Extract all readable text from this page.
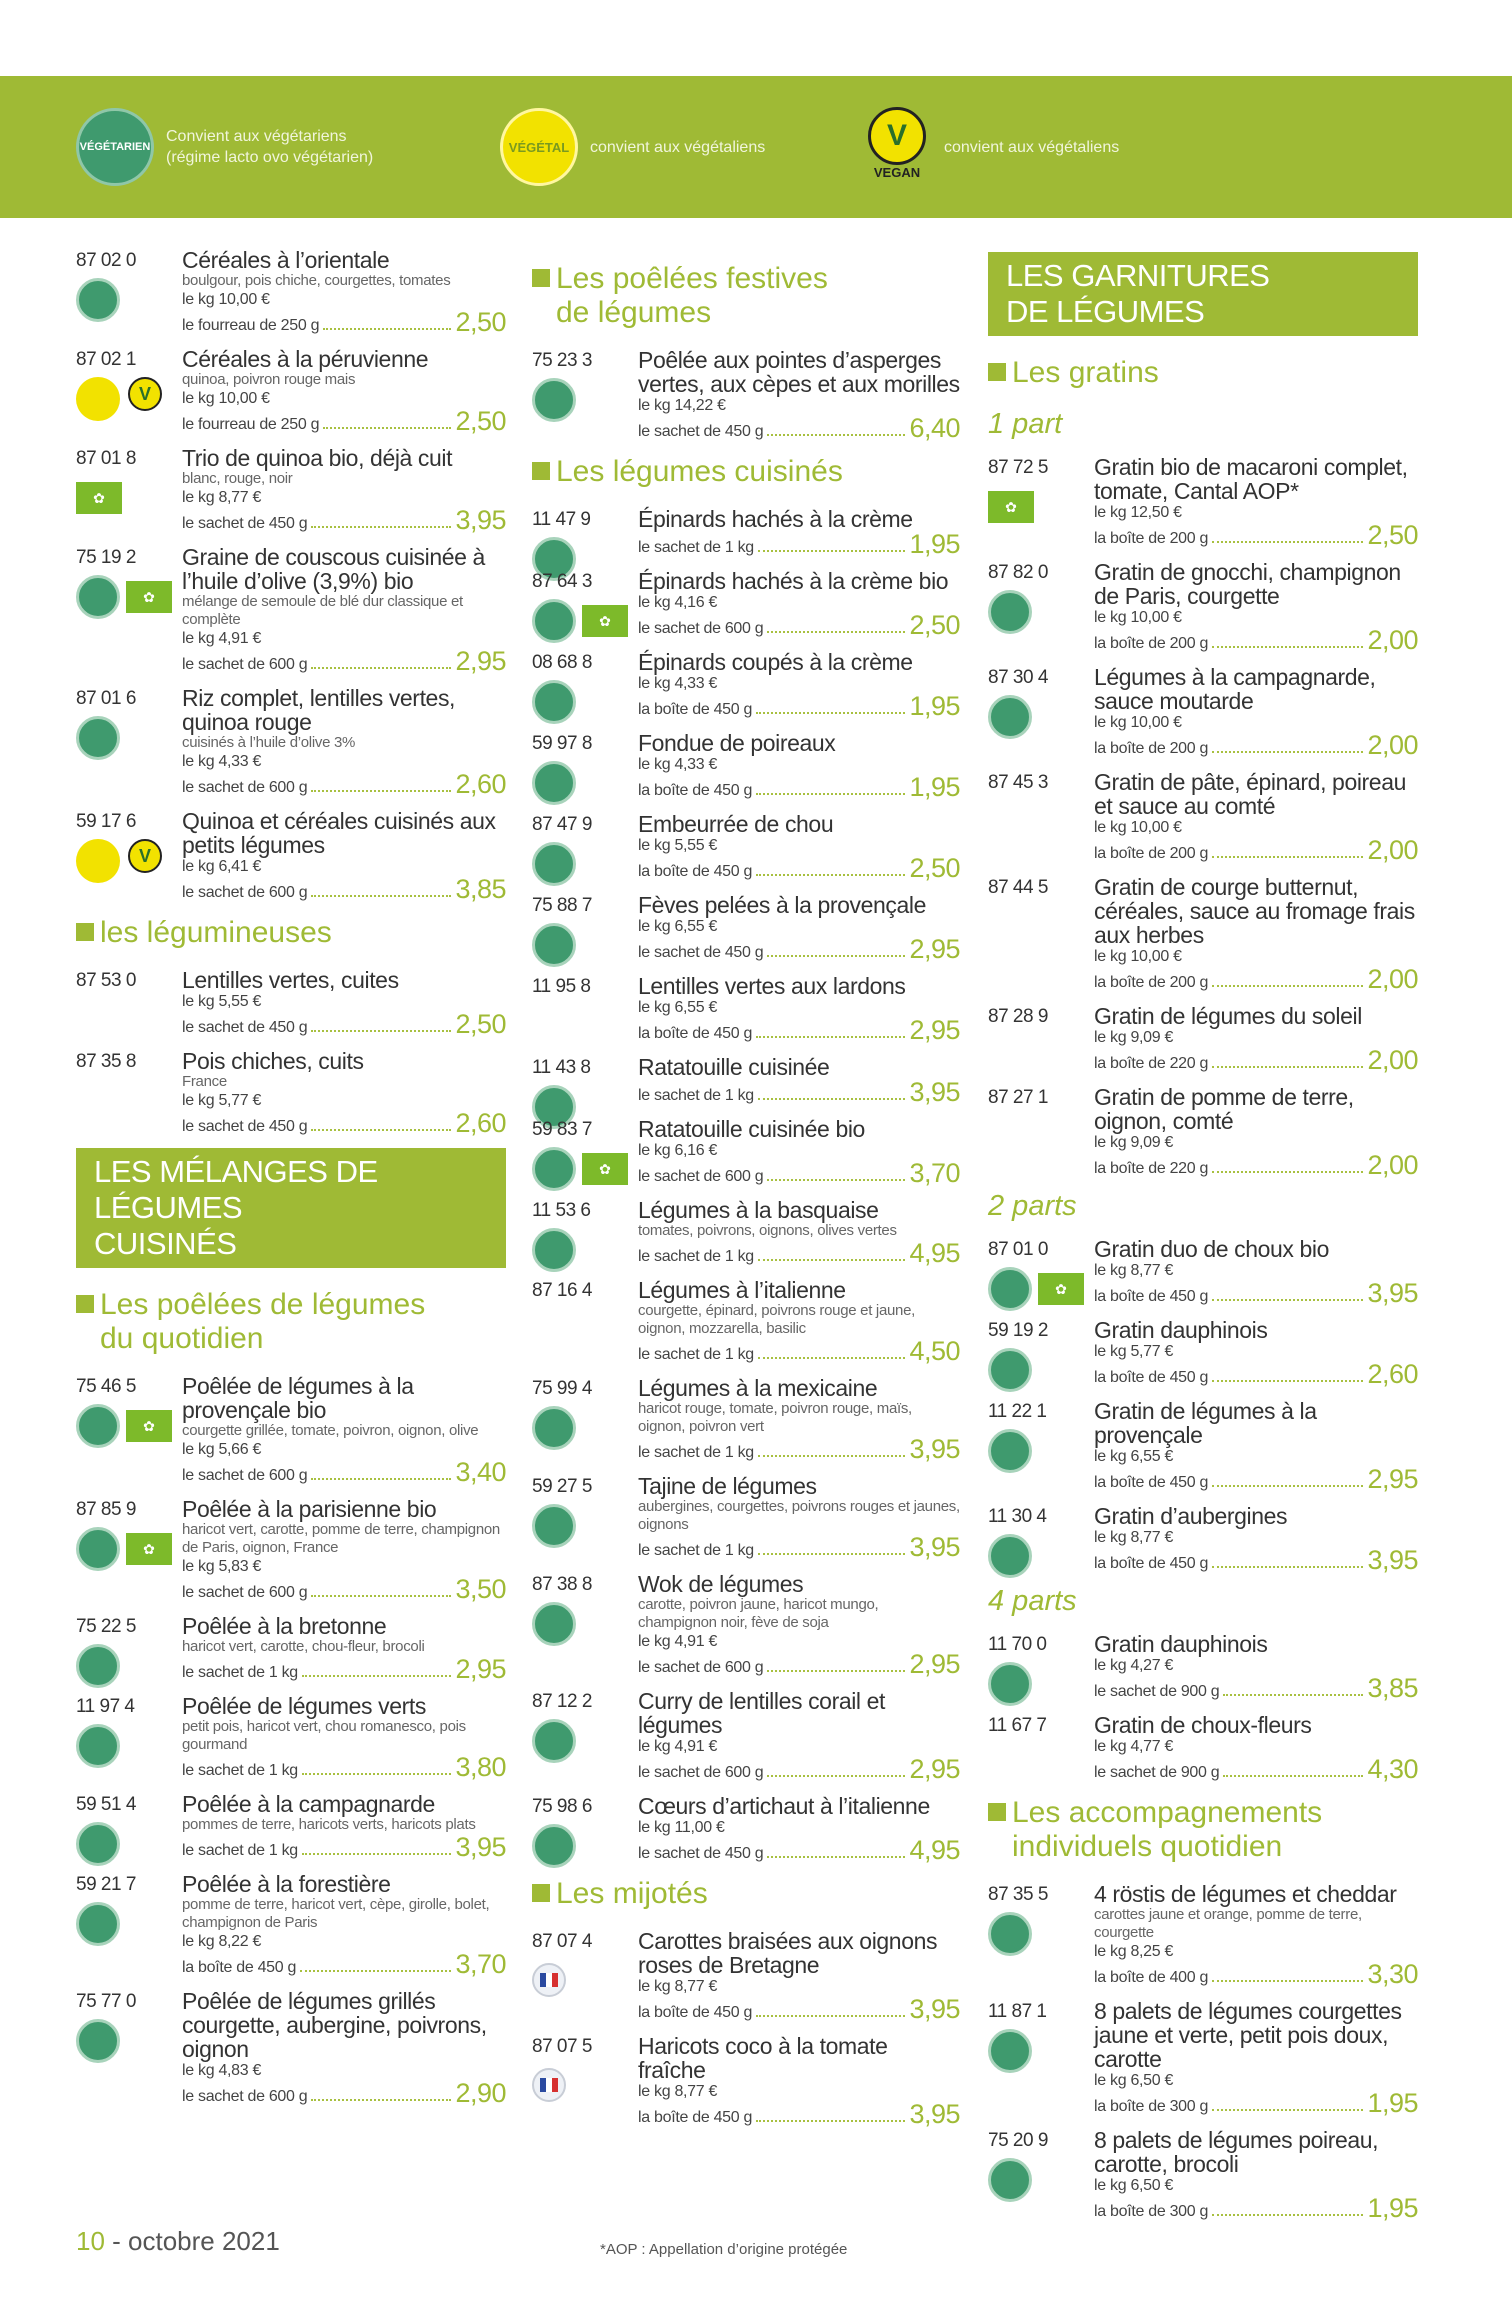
VÉGÉTARIEN
Convient aux végétariens
(régime lacto ovo végétarien)
VÉGÉTAL	convient aux végétaliens	V
VEGAN
convient aux végétaliens
87 02 0 Céréales à l’orientale
boulgour, pois chiche, courgettes, tomates
le kg 10,00 €
le fourreau de 250 g	2,50
87 02 1
V
Céréales à la péruvienne
quinoa, poivron rouge mais
le kg 10,00 €
le fourreau de 250 g	2,50
87 01 8
✿
Trio de quinoa bio, déjà cuit
blanc, rouge, noir
le kg 8,77 €
le sachet de 450 g	3,95
75 19 2
✿
Graine de couscous cuisinée à l’huile d’olive (3,9%) bio
mélange de semoule de blé dur classique et complète
le kg 4,91 €
le sachet de 600 g	2,95
87 01 6 Riz complet, lentilles vertes, quinoa rouge
cuisinés à l’huile d’olive 3%
le kg 4,33 €
le sachet de 600 g	2,60
59 17 6
V
Quinoa et céréales cuisinés aux petits légumes
le kg 6,41 €
le sachet de 600 g	3,85
les légumineuses
87 53 0 Lentilles vertes, cuites
le kg 5,55 €
le sachet de 450 g	2,50
87 35 8 Pois chiches, cuits
France
le kg 5,77 €
le sachet de 450 g	2,60
LES MÉLANGES DE LÉGUMES
CUISINÉS
Les poêlées de légumes
du quotidien
75 46 5
✿
Poêlée de légumes à la provençale bio
courgette grillée, tomate, poivron, oignon, olive
le kg 5,66 €
le sachet de 600 g	3,40
87 85 9
✿
Poêlée à la parisienne bio
haricot vert, carotte, pomme de terre, champignon de Paris, oignon, France
le kg 5,83 €
le sachet de 600 g	3,50
75 22 5 Poêlée à la bretonne
haricot vert, carotte, chou-fleur, brocoli
le sachet de 1 kg	2,95
11 97 4 Poêlée de légumes verts
petit pois, haricot vert, chou romanesco, pois gourmand
le sachet de 1 kg	3,80
59 51 4 Poêlée à la campagnarde
pommes de terre, haricots verts, haricots plats
le sachet de 1 kg	3,95
59 21 7 Poêlée à la forestière
pomme de terre, haricot vert, cèpe, girolle, bolet, champignon de Paris
le kg 8,22 €
la boîte de 450 g	3,70
75 77 0 Poêlée de légumes grillés courgette, aubergine, poivrons, oignon
le kg 4,83 €
le sachet de 600 g	2,90
Les poêlées festives
de légumes
75 23 3 Poêlée aux pointes d’asperges vertes, aux cèpes et aux morilles
le kg 14,22 €
le sachet de 450 g	6,40
Les légumes cuisinés
11 47 9 Épinards hachés à la crème
le sachet de 1 kg	1,95
87 64 3
✿
Épinards hachés à la crème bio
le kg 4,16 €
le sachet de 600 g	2,50
08 68 8 Épinards coupés à la crème
le kg 4,33 €
la boîte de 450 g	1,95
59 97 8 Fondue de poireaux
le kg 4,33 €
la boîte de 450 g	1,95
87 47 9 Embeurrée de chou
le kg 5,55 €
la boîte de 450 g	2,50
75 88 7 Fèves pelées à la provençale
le kg 6,55 €
le sachet de 450 g	2,95
11 95 8 Lentilles vertes aux lardons
le kg 6,55 €
la boîte de 450 g	2,95
11 43 8 Ratatouille cuisinée
le sachet de 1 kg	3,95
59 83 7
✿
Ratatouille cuisinée bio
le kg 6,16 €
le sachet de 600 g	3,70
11 53 6 Légumes à la basquaise
tomates, poivrons, oignons, olives vertes
le sachet de 1 kg	4,95
87 16 4 Légumes à l’italienne
courgette, épinard, poivrons rouge et jaune, oignon, mozzarella, basilic
le sachet de 1 kg	4,50
75 99 4 Légumes à la mexicaine
haricot rouge, tomate, poivron rouge, maïs, oignon, poivron vert
le sachet de 1 kg	3,95
59 27 5 Tajine de légumes
aubergines, courgettes, poivrons rouges et jaunes, oignons
le sachet de 1 kg	3,95
87 38 8 Wok de légumes
carotte, poivron jaune, haricot mungo, champignon noir, fève de soja
le kg 4,91 €
le sachet de 600 g	2,95
87 12 2 Curry de lentilles corail et légumes
le kg 4,91 €
le sachet de 600 g	2,95
75 98 6 Cœurs d’artichaut à l’italienne
le kg 11,00 €
le sachet de 450 g	4,95
Les mijotés
87 07 4 Carottes braisées aux oignons roses de Bretagne
le kg 8,77 €
la boîte de 450 g	3,95
87 07 5 Haricots coco à la tomate fraîche
le kg 8,77 €
la boîte de 450 g	3,95
LES GARNITURES
DE LÉGUMES
Les gratins
1 part
87 72 5
✿
Gratin bio de macaroni complet, tomate, Cantal AOP*
le kg 12,50 €
la boîte de 200 g	2,50
87 82 0 Gratin de gnocchi, champignon de Paris, courgette
le kg 10,00 €
la boîte de 200 g	2,00
87 30 4 Légumes à la campagnarde, sauce moutarde
le kg 10,00 €
la boîte de 200 g	2,00
87 45 3 Gratin de pâte, épinard, poireau et sauce au comté
le kg 10,00 €
la boîte de 200 g	2,00
87 44 5 Gratin de courge butternut, céréales, sauce au fromage frais aux herbes
le kg 10,00 €
la boîte de 200 g	2,00
87 28 9 Gratin de légumes du soleil
le kg 9,09 €
la boîte de 220 g	2,00
87 27 1 Gratin de pomme de terre, oignon, comté
le kg 9,09 €
la boîte de 220 g	2,00
2 parts
87 01 0
✿
Gratin duo de choux bio
le kg 8,77 €
la boîte de 450 g	3,95
59 19 2 Gratin dauphinois
le kg 5,77 €
la boîte de 450 g	2,60
11 22 1 Gratin de légumes à la provençale
le kg 6,55 €
la boîte de 450 g	2,95
11 30 4 Gratin d’aubergines
le kg 8,77 €
la boîte de 450 g	3,95
4 parts
11 70 0 Gratin dauphinois
le kg 4,27 €
le sachet de 900 g	3,85
11 67 7 Gratin de choux-fleurs
le kg 4,77 €
le sachet de 900 g	4,30
Les accompagnements
individuels quotidien
87 35 5 4 röstis de légumes et cheddar
carottes jaune et orange, pomme de terre, courgette
le kg 8,25 €
la boîte de 400 g	3,30
11 87 1 8 palets de légumes courgettes jaune et verte, petit pois doux, carotte
le kg 6,50 €
la boîte de 300 g	1,95
75 20 9 8 palets de légumes poireau, carotte, brocoli
le kg 6,50 €
la boîte de 300 g	1,95
10 - octobre 2021	*AOP : Appellation d’origine protégée
